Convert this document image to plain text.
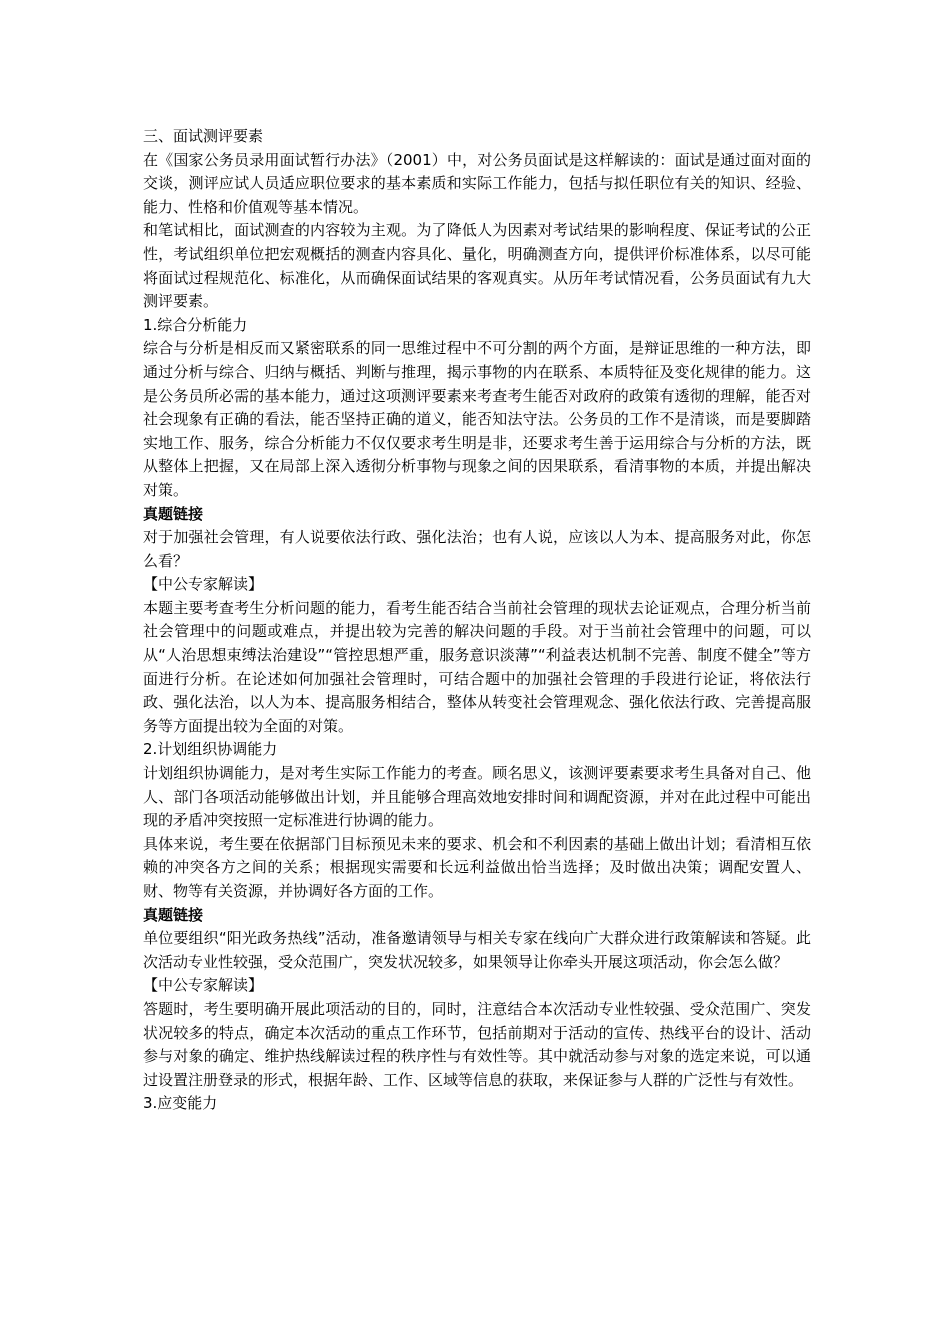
三、面试测评要素

在《国家公务员录用面试暂行办法》（2001）中，对公务员面试是这样解读的：面试是通过面对面的交谈，测评应试人员适应职位要求的基本素质和实际工作能力，包括与拟任职位有关的知识、经验、能力、性格和价值观等基本情况。

和笔试相比，面试测查的内容较为主观。为了降低人为因素对考试结果的影响程度、保证考试的公正性，考试组织单位把宏观概括的测查内容具化、量化，明确测查方向，提供评价标准体系，以尽可能将面试过程规范化、标准化，从而确保面试结果的客观真实。从历年考试情况看，公务员面试有九大测评要素。

1.综合分析能力

综合与分析是相反而又紧密联系的同一思维过程中不可分割的两个方面，是辩证思维的一种方法，即通过分析与综合、归纳与概括、判断与推理，揭示事物的内在联系、本质特征及变化规律的能力。这是公务员所必需的基本能力，通过这项测评要素来考查考生能否对政府的政策有透彻的理解，能否对社会现象有正确的看法，能否坚持正确的道义，能否知法守法。公务员的工作不是清谈，而是要脚踏实地工作、服务，综合分析能力不仅仅要求考生明是非，还要求考生善于运用综合与分析的方法，既从整体上把握，又在局部上深入透彻分析事物与现象之间的因果联系，看清事物的本质，并提出解决对策。

真题链接

对于加强社会管理，有人说要依法行政、强化法治；也有人说，应该以人为本、提高服务对此，你怎么看？

【中公专家解读】

本题主要考查考生分析问题的能力，看考生能否结合当前社会管理的现状去论证观点，合理分析当前社会管理中的问题或难点，并提出较为完善的解决问题的手段。对于当前社会管理中的问题，可以从“人治思想束缚法治建设”“管控思想严重，服务意识淡薄”“利益表达机制不完善、制度不健全”等方面进行分析。在论述如何加强社会管理时，可结合题中的加强社会管理的手段进行论证，将依法行政、强化法治，以人为本、提高服务相结合，整体从转变社会管理观念、强化依法行政、完善提高服务等方面提出较为全面的对策。

2.计划组织协调能力

计划组织协调能力，是对考生实际工作能力的考查。顾名思义，该测评要素要求考生具备对自己、他人、部门各项活动能够做出计划，并且能够合理高效地安排时间和调配资源，并对在此过程中可能出现的矛盾冲突按照一定标准进行协调的能力。

具体来说，考生要在依据部门目标预见未来的要求、机会和不利因素的基础上做出计划；看清相互依赖的冲突各方之间的关系；根据现实需要和长远利益做出恰当选择；及时做出决策；调配安置人、财、物等有关资源，并协调好各方面的工作。

真题链接

单位要组织“阳光政务热线”活动，准备邀请领导与相关专家在线向广大群众进行政策解读和答疑。此次活动专业性较强，受众范围广，突发状况较多，如果领导让你牵头开展这项活动，你会怎么做？

【中公专家解读】

答题时，考生要明确开展此项活动的目的，同时，注意结合本次活动专业性较强、受众范围广、突发状况较多的特点，确定本次活动的重点工作环节，包括前期对于活动的宣传、热线平台的设计、活动参与对象的确定、维护热线解读过程的秩序性与有效性等。其中就活动参与对象的选定来说，可以通过设置注册登录的形式，根据年龄、工作、区域等信息的获取，来保证参与人群的广泛性与有效性。

3.应变能力
